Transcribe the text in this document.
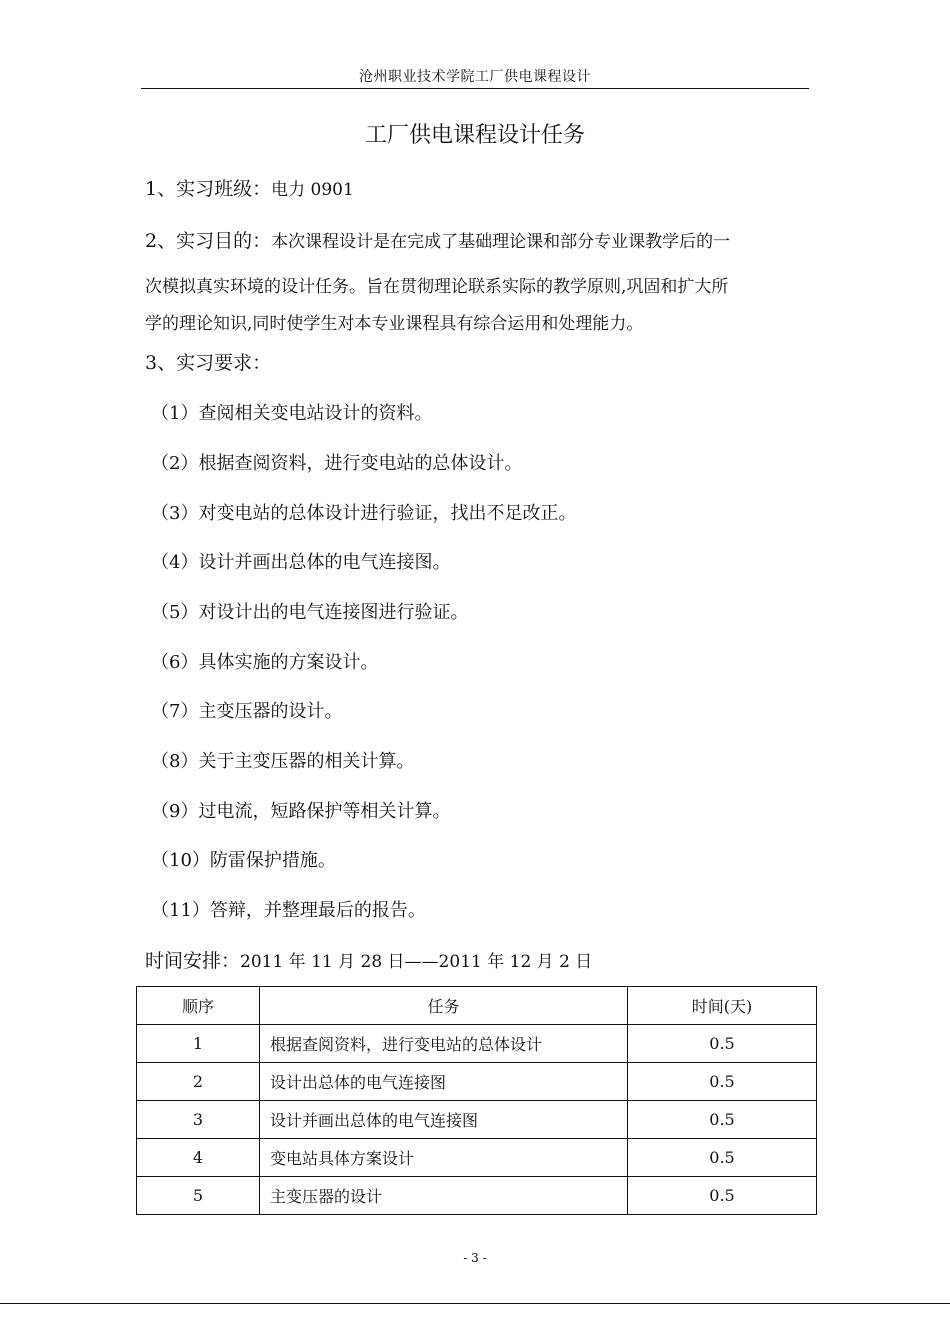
沧州职业技术学院工厂供电课程设计
工厂供电课程设计任务
1、实习班级：电力 0901
2、实习目的：本次课程设计是在完成了基础理论课和部分专业课教学后的一
次模拟真实环境的设计任务。旨在贯彻理论联系实际的教学原则,巩固和扩大所
学的理论知识,同时使学生对本专业课程具有综合运用和处理能力。
3、实习要求：
（1）查阅相关变电站设计的资料。
（2）根据查阅资料，进行变电站的总体设计。
（3）对变电站的总体设计进行验证，找出不足改正。
（4）设计并画出总体的电气连接图。
（5）对设计出的电气连接图进行验证。
（6）具体实施的方案设计。
（7）主变压器的设计。
（8）关于主变压器的相关计算。
（9）过电流，短路保护等相关计算。
（10）防雷保护措施。
（11）答辩，并整理最后的报告。
时间安排：2011 年 11 月 28 日——2011 年 12 月 2 日
顺序	任务	时间(天)
1	根据查阅资料，进行变电站的总体设计	0.5
2	设计出总体的电气连接图	0.5
3	设计并画出总体的电气连接图	0.5
4	变电站具体方案设计	0.5
5	主变压器的设计	0.5
- 3 -
